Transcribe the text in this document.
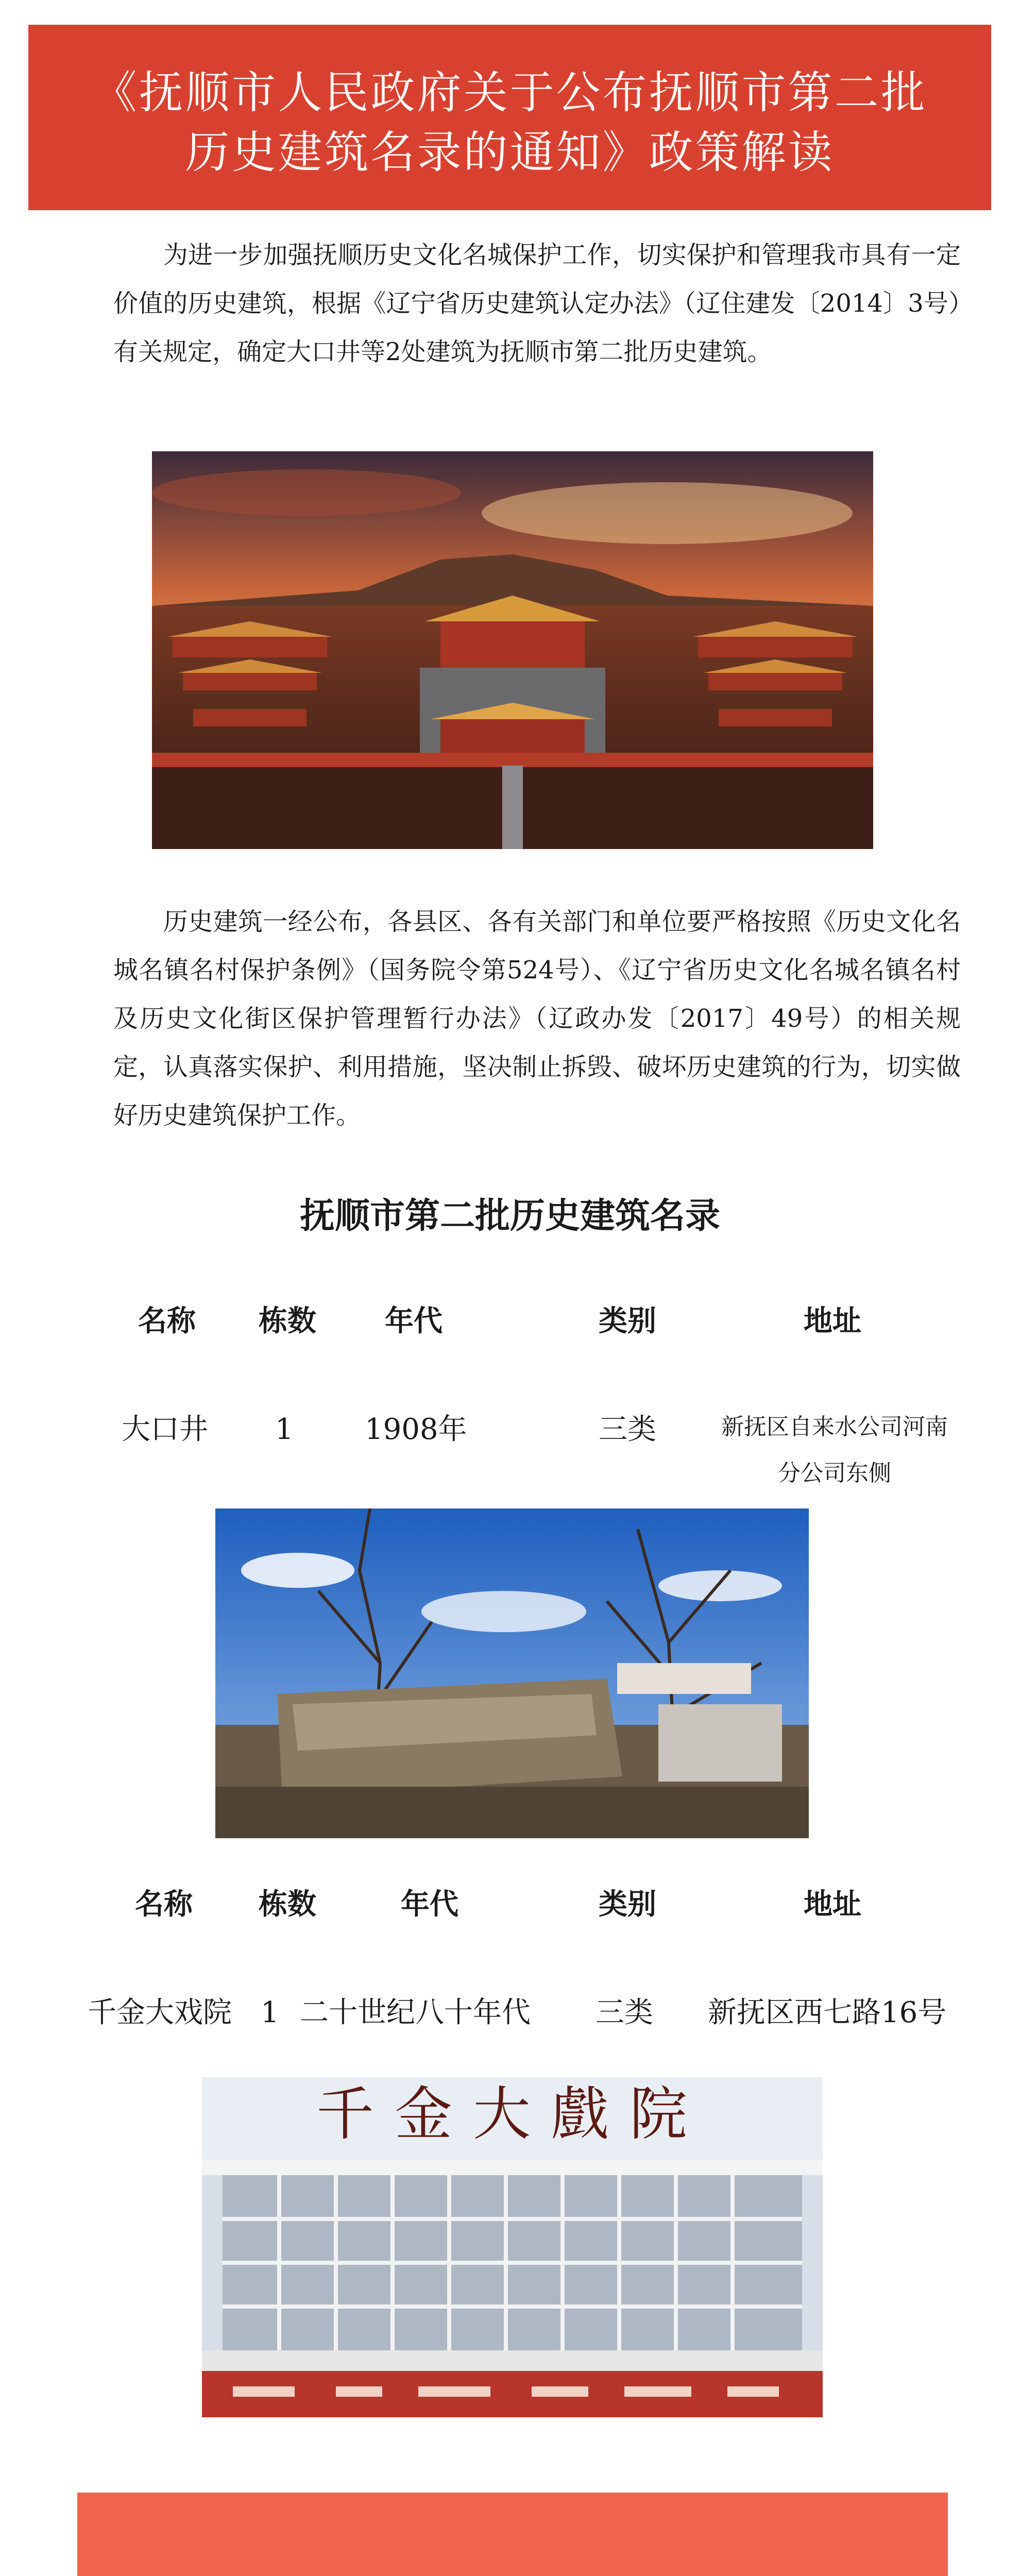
《抚顺市人民政府关于公布抚顺市第二批
历史建筑名录的通知》政策解读
　　为进一步加强抚顺历史文化名城保护工作，切实保护和管理我市具有一定价值的历史建筑，根据《辽宁省历史建筑认定办法》（辽住建发〔2014〕3号）有关规定，确定大口井等2处建筑为抚顺市第二批历史建筑。
　　历史建筑一经公布，各县区、各有关部门和单位要严格按照《历史文化名城名镇名村保护条例》（国务院令第524号）、《辽宁省历史文化名城名镇名村及历史文化街区保护管理暂行办法》（辽政办发〔2017〕49号）的相关规定，认真落实保护、利用措施，坚决制止拆毁、破坏历史建筑的行为，切实做好历史建筑保护工作。
抚顺市第二批历史建筑名录
名称 栋数 年代	类别	地址
大口井 1 1908年	三类	新抚区自来水公司河南
分公司东侧
名称 栋数	年代	类别	地址
千金大戏院 1 二十世纪八十年代 三类 新抚区西七路16号
千金大戲院
